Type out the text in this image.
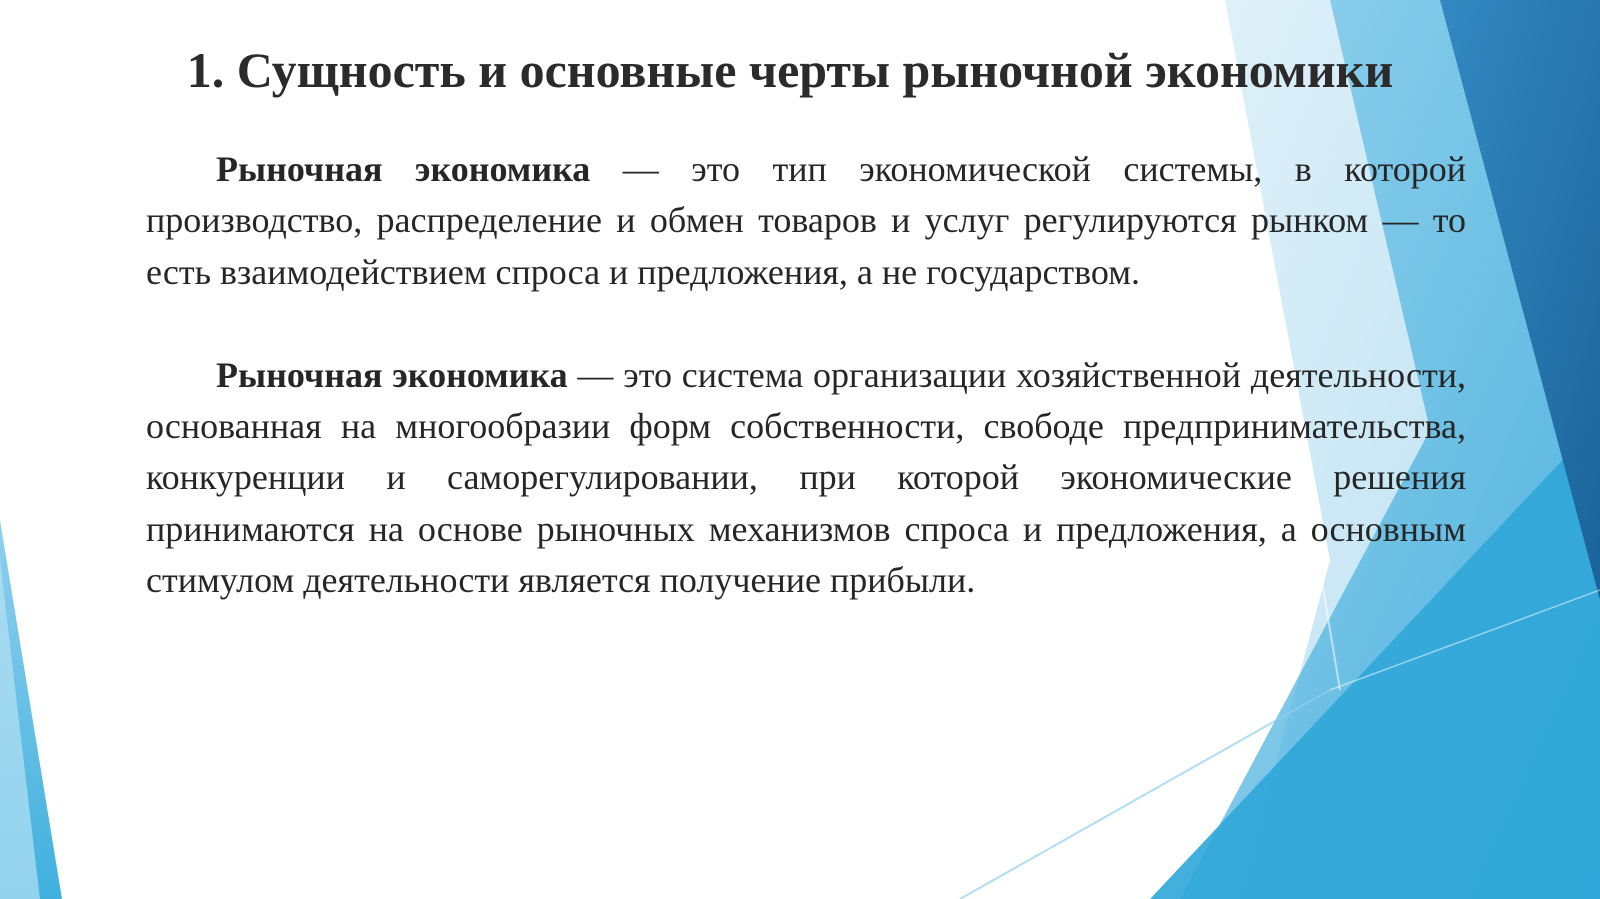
1. Сущность и основные черты рыночной экономики

Рыночная экономика — это тип экономической системы, в которой производство, распределение и обмен товаров и услуг регулируются рынком — то есть взаимодействием спроса и предложения, а не государством.

Рыночная экономика — это система организации хозяйственной деятельности, основанная на многообразии форм собственности, свободе предпринимательства, конкуренции и саморегулировании, при которой экономические решения принимаются на основе рыночных механизмов спроса и предложения, а основным стимулом деятельности является получение прибыли.
